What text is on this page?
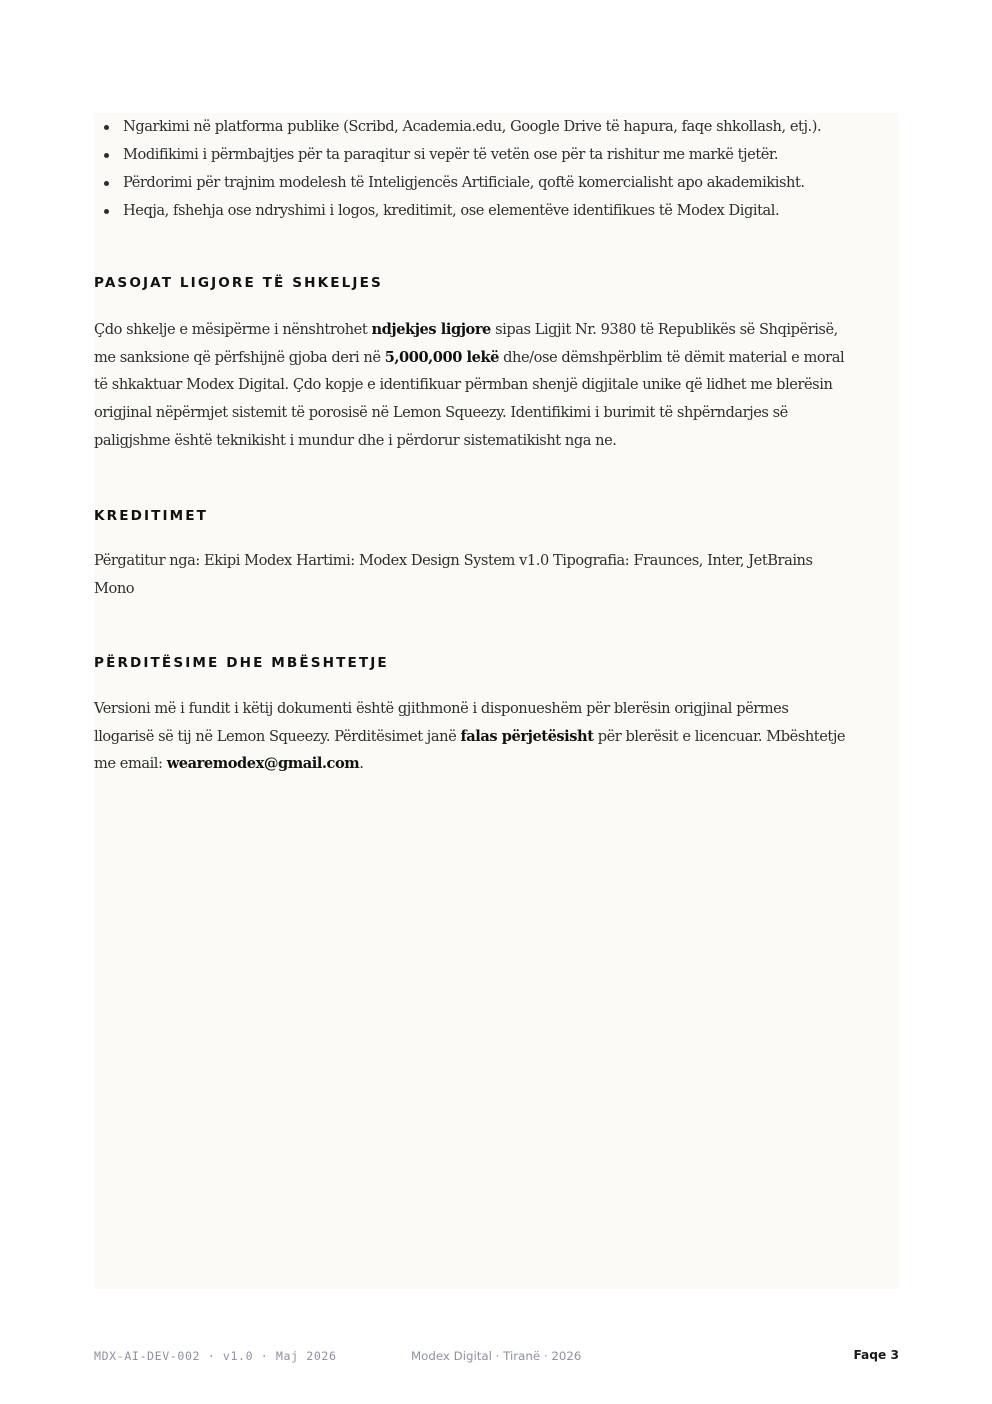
Ngarkimi në platforma publike (Scribd, Academia.edu, Google Drive të hapura, faqe shkollash, etj.).
Modifikimi i përmbajtjes për ta paraqitur si vepër të vetën ose për ta rishitur me markë tjetër.
Përdorimi për trajnim modelesh të Inteligjencës Artificiale, qoftë komercialisht apo akademikisht.
Heqja, fshehja ose ndryshimi i logos, kreditimit, ose elementëve identifikues të Modex Digital.
PASOJAT LIGJORE TË SHKELJES
Çdo shkelje e mësipërme i nënshtrohet ndjekjes ligjore sipas Ligjit Nr. 9380 të Republikës së Shqipërisë,
me sanksione që përfshijnë gjoba deri në 5,000,000 lekë dhe/ose dëmshpërblim të dëmit material e moral
të shkaktuar Modex Digital. Çdo kopje e identifikuar përmban shenjë digjitale unike që lidhet me blerësin
origjinal nëpërmjet sistemit të porosisë në Lemon Squeezy. Identifikimi i burimit të shpërndarjes së
paligjshme është teknikisht i mundur dhe i përdorur sistematikisht nga ne.
KREDITIMET
Përgatitur nga: Ekipi Modex Hartimi: Modex Design System v1.0 Tipografia: Fraunces, Inter, JetBrains
Mono
PËRDITËSIME DHE MBËSHTETJE
Versioni më i fundit i këtij dokumenti është gjithmonë i disponueshëm për blerësin origjinal përmes
llogarisë së tij në Lemon Squeezy. Përditësimet janë falas përjetësisht për blerësit e licencuar. Mbështetje
me email: wearemodex@gmail.com.
MDX-AI-DEV-002 · v1.0 · Maj 2026	Modex Digital · Tiranë · 2026	Faqe 3
